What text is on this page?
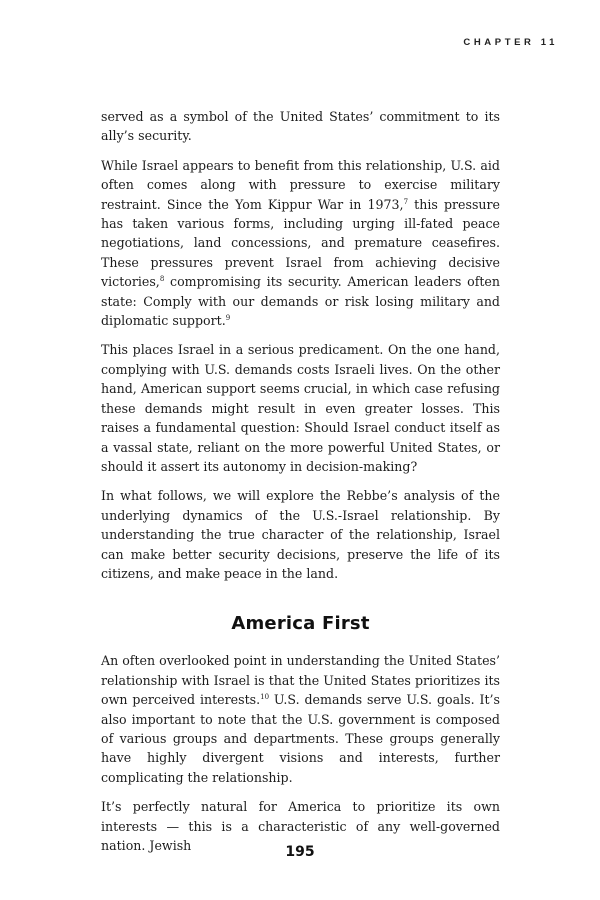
CHAPTER 11

served as a symbol of the United States’ commitment to its ally’s security.

While Israel appears to benefit from this relationship, U.S. aid often comes along with pressure to exercise military restraint. Since the Yom Kippur War in 1973,$^7$ this pressure has taken various forms, including urging ill-fated peace negotiations, land concessions, and premature ceasefires. These pressures prevent Israel from achieving decisive victories,$^8$ compromising its security. American leaders often state: Comply with our demands or risk losing military and diplomatic support.$^9$

This places Israel in a serious predicament. On the one hand, complying with U.S. demands costs Israeli lives. On the other hand, American support seems crucial, in which case refusing these demands might result in even greater losses. This raises a fundamental question: Should Israel conduct itself as a vassal state, reliant on the more powerful United States, or should it assert its autonomy in decision-making?

In what follows, we will explore the Rebbe’s analysis of the underlying dynamics of the U.S.-Israel relationship. By understanding the true character of the relationship, Israel can make better security decisions, preserve the life of its citizens, and make peace in the land.

America First

An often overlooked point in understanding the United States’ relationship with Israel is that the United States prioritizes its own perceived interests.$^{10}$ U.S. demands serve U.S. goals. It’s also important to note that the U.S. government is composed of various groups and departments. These groups generally have highly divergent visions and interests, further complicating the relationship.

It’s perfectly natural for America to prioritize its own interests — this is a characteristic of any well-governed nation. Jewish	195
